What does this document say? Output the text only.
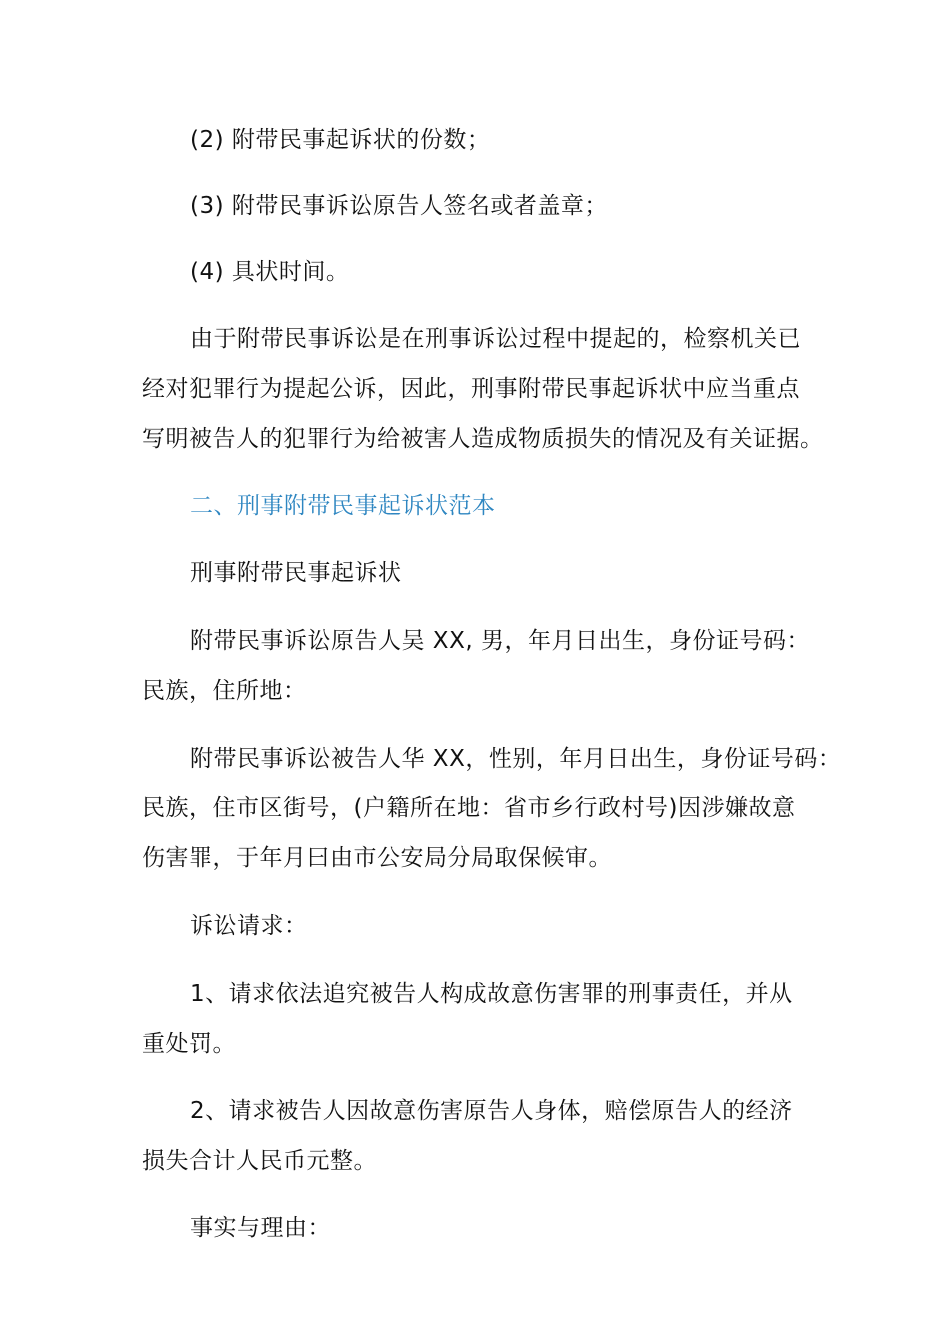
(2) 附带民事起诉状的份数；
(3) 附带民事诉讼原告人签名或者盖章；
(4) 具状时间。
由于附带民事诉讼是在刑事诉讼过程中提起的，检察机关已
经对犯罪行为提起公诉，因此，刑事附带民事起诉状中应当重点
写明被告人的犯罪行为给被害人造成物质损失的情况及有关证据。
二、刑事附带民事起诉状范本
刑事附带民事起诉状
附带民事诉讼原告人吴 XX, 男，年月日出生，身份证号码：
民族，住所地：
附带民事诉讼被告人华 XX，性别，年月日出生，身份证号码：
民族，住市区街号，(户籍所在地：省市乡行政村号)因涉嫌故意
伤害罪，于年月曰由市公安局分局取保候审。
诉讼请求：
1、请求依法追究被告人构成故意伤害罪的刑事责任，并从
重处罚。
2、请求被告人因故意伤害原告人身体，赔偿原告人的经济
损失合计人民币元整。
事实与理由：
